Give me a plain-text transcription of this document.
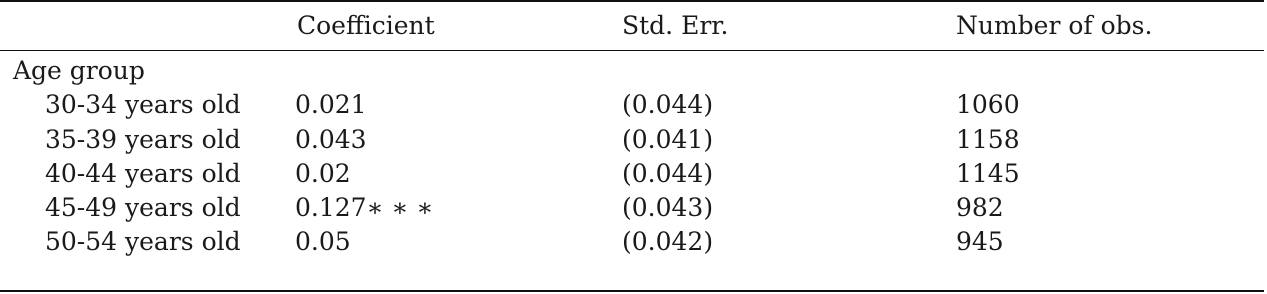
Coefficient	Std. Err.	Number of obs.
Age group
30-34 years old 0.021	(0.044)	1060
35-39 years old 0.043	(0.041)	1158
40-44 years old 0.02	(0.044)	1145
45-49 years old 0.127∗ ∗ ∗	(0.043)	982
50-54 years old 0.05	(0.042)	945
